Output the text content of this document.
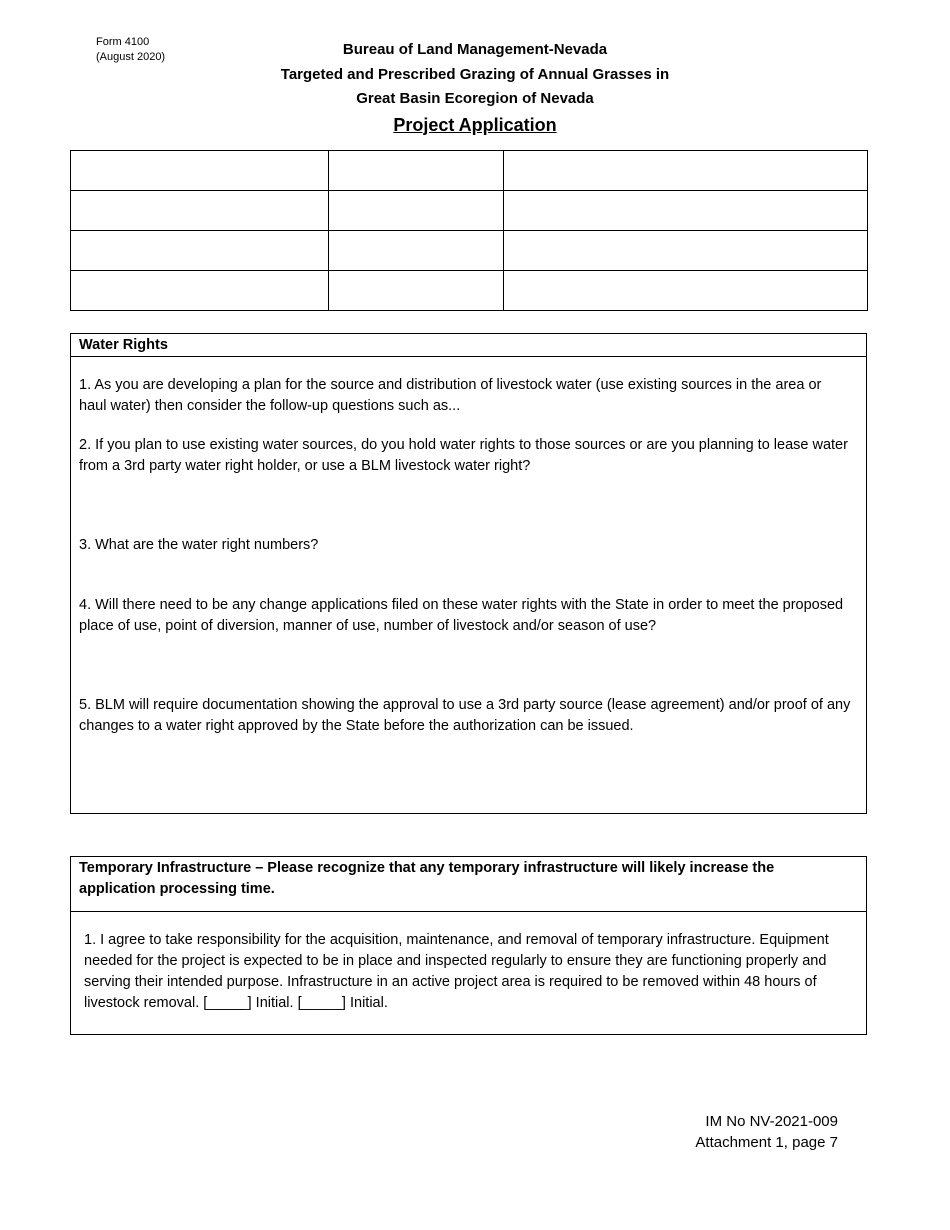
Form 4100
(August 2020)	Bureau of Land Management-Nevada
Targeted and Prescribed Grazing of Annual Grasses in
Great Basin Ecoregion of Nevada
Project Application

Water Rights

1. As you are developing a plan for the source and distribution of livestock water (use existing sources in the area or haul water) then consider the follow-up questions such as...

2. If you plan to use existing water sources, do you hold water rights to those sources or are you planning to lease water from a 3rd party water right holder, or use a BLM livestock water right?

3. What are the water right numbers?

4. Will there need to be any change applications filed on these water rights with the State in order to meet the proposed place of use, point of diversion, manner of use, number of livestock and/or season of use?

5. BLM will require documentation showing the approval to use a 3rd party source (lease agreement) and/or proof of any changes to a water right approved by the State before the authorization can be issued.

Temporary Infrastructure – Please recognize that any temporary infrastructure will likely increase the application processing time.

1. I agree to take responsibility for the acquisition, maintenance, and removal of temporary infrastructure. Equipment needed for the project is expected to be in place and inspected regularly to ensure they are functioning properly and serving their intended purpose. Infrastructure in an active project area is required to be removed within 48 hours of livestock removal. [_____] Initial. [_____] Initial.

IM No NV-2021-009
Attachment 1, page 7
